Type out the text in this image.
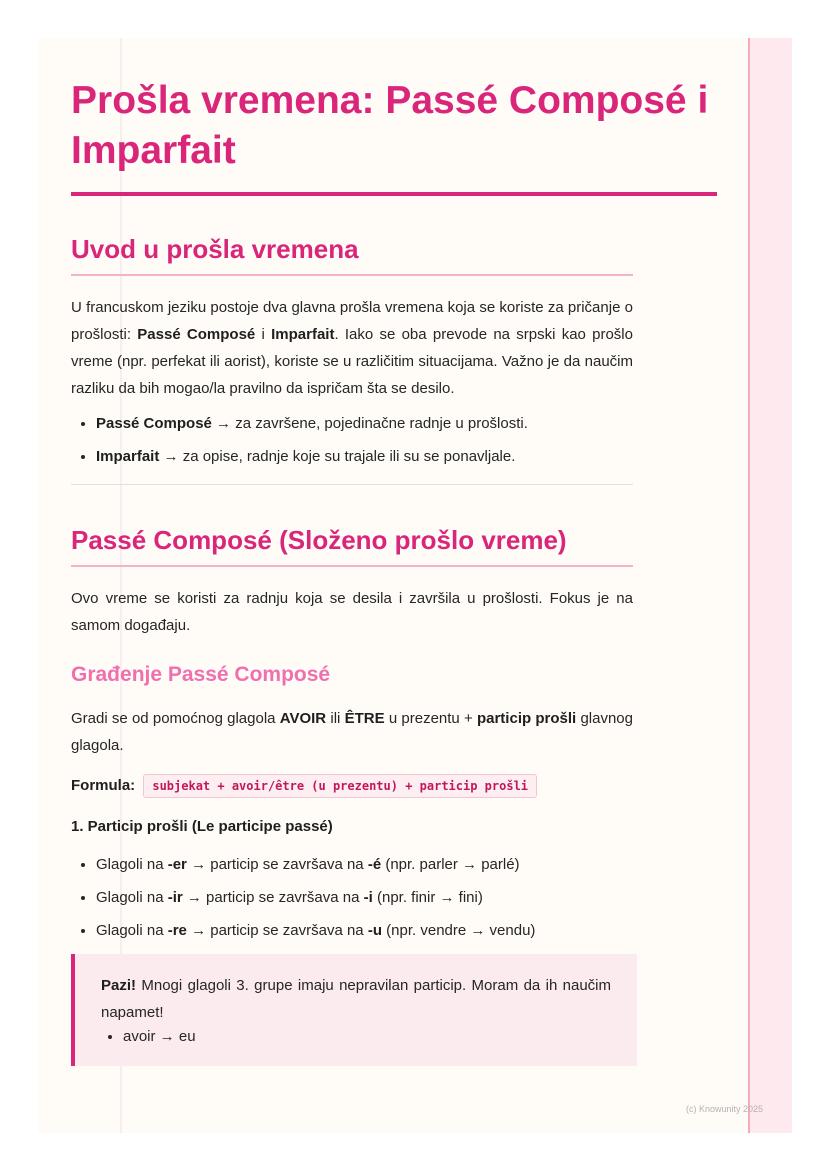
Prošla vremena: Passé Composé i Imparfait
Uvod u prošla vremena

U francuskom jeziku postoje dva glavna prošla vremena koja se koriste za pričanje o prošlosti: Passé Composé i Imparfait. Iako se oba prevode na srpski kao prošlo vreme (npr. perfekat ili aorist), koriste se u različitim situacijama. Važno je da naučim razliku da bih mogao/la pravilno da ispričam šta se desilo.

• Passé Composé → za završene, pojedinačne radnje u prošlosti.
• Imparfait → za opise, radnje koje su trajale ili su se ponavljale.
Passé Composé (Složeno prošlo vreme)

Ovo vreme se koristi za radnju koja se desila i završila u prošlosti. Fokus je na samom događaju.

Građenje Passé Composé

Gradi se od pomoćnog glagola AVOIR ili ÊTRE u prezentu + particip prošli glavnog glagola.

Formula: subjekat + avoir/être (u prezentu) + particip prošli
1. Particip prošli (Le participe passé)
• Glagoli na -er → particip se završava na -é (npr. parler → parlé)
• Glagoli na -ir → particip se završava na -i (npr. finir → fini)
• Glagoli na -re → particip se završava na -u (npr. vendre → vendu)

Pazi! Mnogi glagoli 3. grupe imaju nepravilan particip. Moram da ih naučim napamet!

• avoir → eu
(c) Knowunity 2025
